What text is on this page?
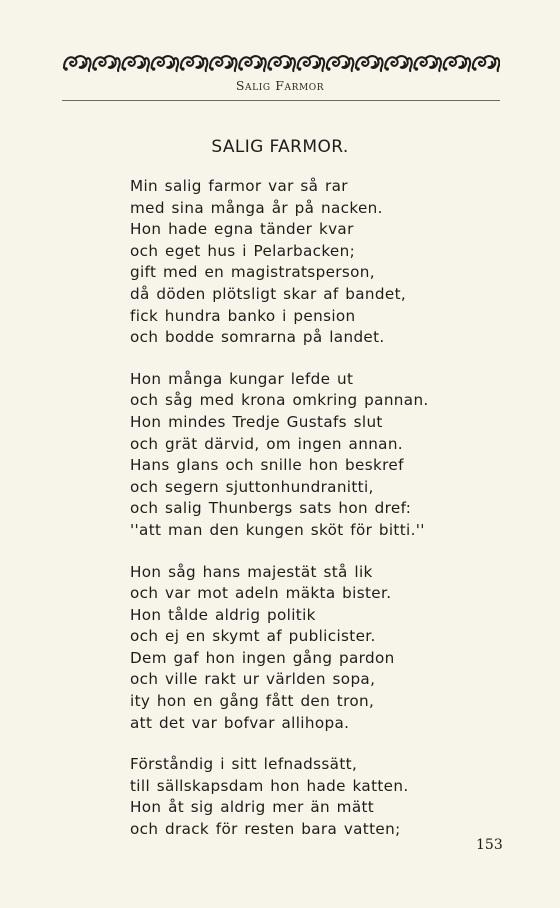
Salig Farmor
SALIG FARMOR.
Min salig farmor var så rar
med sina många år på nacken.
Hon hade egna tänder kvar
och eget hus i Pelarbacken;
gift med en magistratsperson,
då döden plötsligt skar af bandet,
fick hundra banko i pension
och bodde somrarna på landet.
Hon många kungar lefde ut
och såg med krona omkring pannan.
Hon mindes Tredje Gustafs slut
och grät därvid, om ingen annan.
Hans glans och snille hon beskref
och segern sjuttonhundranitti,
och salig Thunbergs sats hon dref:
''att man den kungen sköt för bitti.''
Hon såg hans majestät stå lik
och var mot adeln mäkta bister.
Hon tålde aldrig politik
och ej en skymt af publicister.
Dem gaf hon ingen gång pardon
och ville rakt ur världen sopa,
ity hon en gång fått den tron,
att det var bofvar allihopa.
Förståndig i sitt lefnadssätt,
till sällskapsdam hon hade katten.
Hon åt sig aldrig mer än mätt
och drack för resten bara vatten;
153
